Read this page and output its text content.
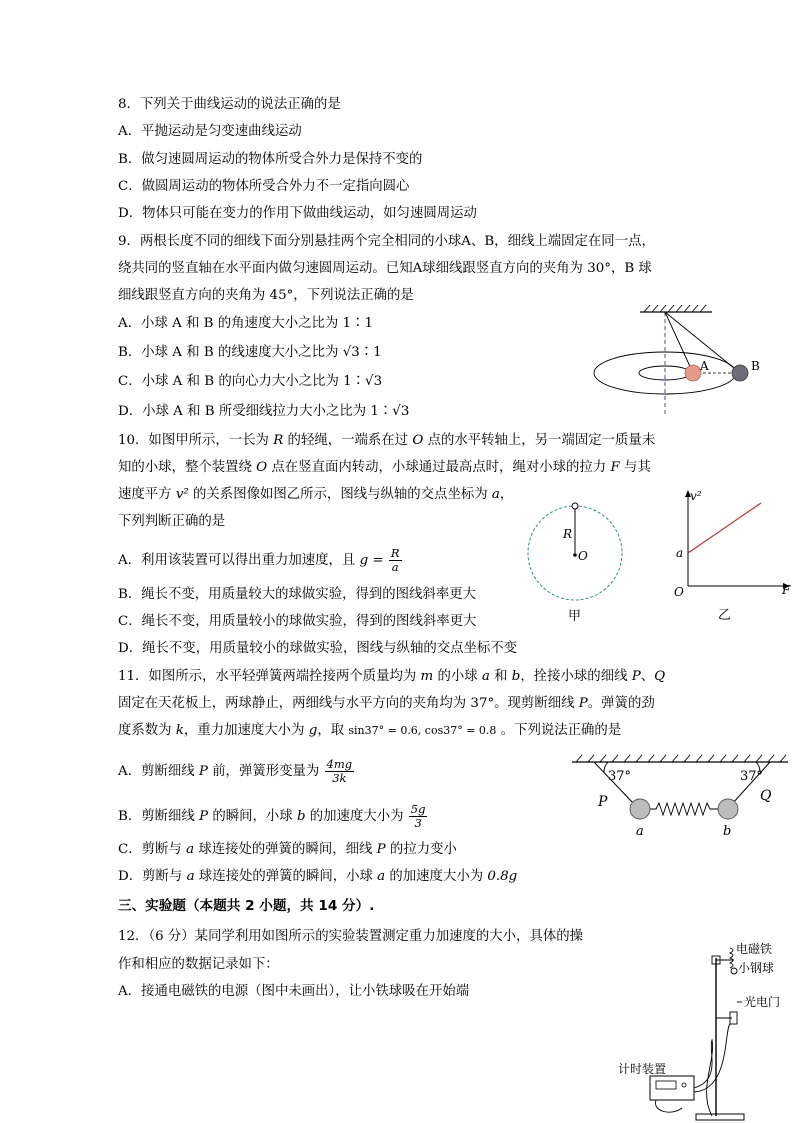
8．下列关于曲线运动的说法正确的是
A．平抛运动是匀变速曲线运动
B．做匀速圆周运动的物体所受合外力是保持不变的
C．做圆周运动的物体所受合外力不一定指向圆心
D．物体只可能在变力的作用下做曲线运动，如匀速圆周运动
9．两根长度不同的细线下面分别悬挂两个完全相同的小球A、B，细线上端固定在同一点，
绕共同的竖直轴在水平面内做匀速圆周运动。已知A球细线跟竖直方向的夹角为 30°，B 球
细线跟竖直方向的夹角为 45°，下列说法正确的是
A．小球 A 和 B 的角速度大小之比为 1∶1
B．小球 A 和 B 的线速度大小之比为 √3∶1
C．小球 A 和 B 的向心力大小之比为 1∶√3
D．小球 A 和 B 所受细线拉力大小之比为 1∶√3
A	B
10．如图甲所示，一长为 R 的轻绳，一端系在过 O 点的水平转轴上，另一端固定一质量未
知的小球，整个装置绕 O 点在竖直面内转动，小球通过最高点时，绳对小球的拉力 F 与其
速度平方 v² 的关系图像如图乙所示，图线与纵轴的交点坐标为 a，
下列判断正确的是
A．利用该装置可以得出重力加速度，且 $g = \frac{R}{a}$
B．绳长不变，用质量较大的球做实验，得到的图线斜率更大
C．绳长不变，用质量较小的球做实验，得到的图线斜率更大
D．绳长不变，用质量较小的球做实验，图线与纵轴的交点坐标不变
R
O
甲
v²
a
O	F
乙
11．如图所示，水平轻弹簧两端拴接两个质量均为 m 的小球 a 和 b，拴接小球的细线 P、Q
固定在天花板上，两球静止，两细线与水平方向的夹角均为 37°。现剪断细线 P。弹簧的劲
度系数为 k，重力加速度大小为 g，取 sin37° = 0.6, cos37° = 0.8 。下列说法正确的是
A．剪断细线 P 前，弹簧形变量为 $\frac{4mg}{3k}$
B．剪断细线 P 的瞬间，小球 b 的加速度大小为 $\frac{5g}{3}$
C．剪断与 a 球连接处的弹簧的瞬间，细线 P 的拉力变小
D．剪断与 a 球连接处的弹簧的瞬间，小球 a 的加速度大小为 0.8g
37°	37°
P	Q
a	b
三、实验题（本题共 2 小题，共 14 分）.
12．（6 分）某同学利用如图所示的实验装置测定重力加速度的大小，具体的操
作和相应的数据记录如下：
A．接通电磁铁的电源（图中未画出），让小铁球吸在开始端
电磁铁
小钢球
光电门
计时装置
